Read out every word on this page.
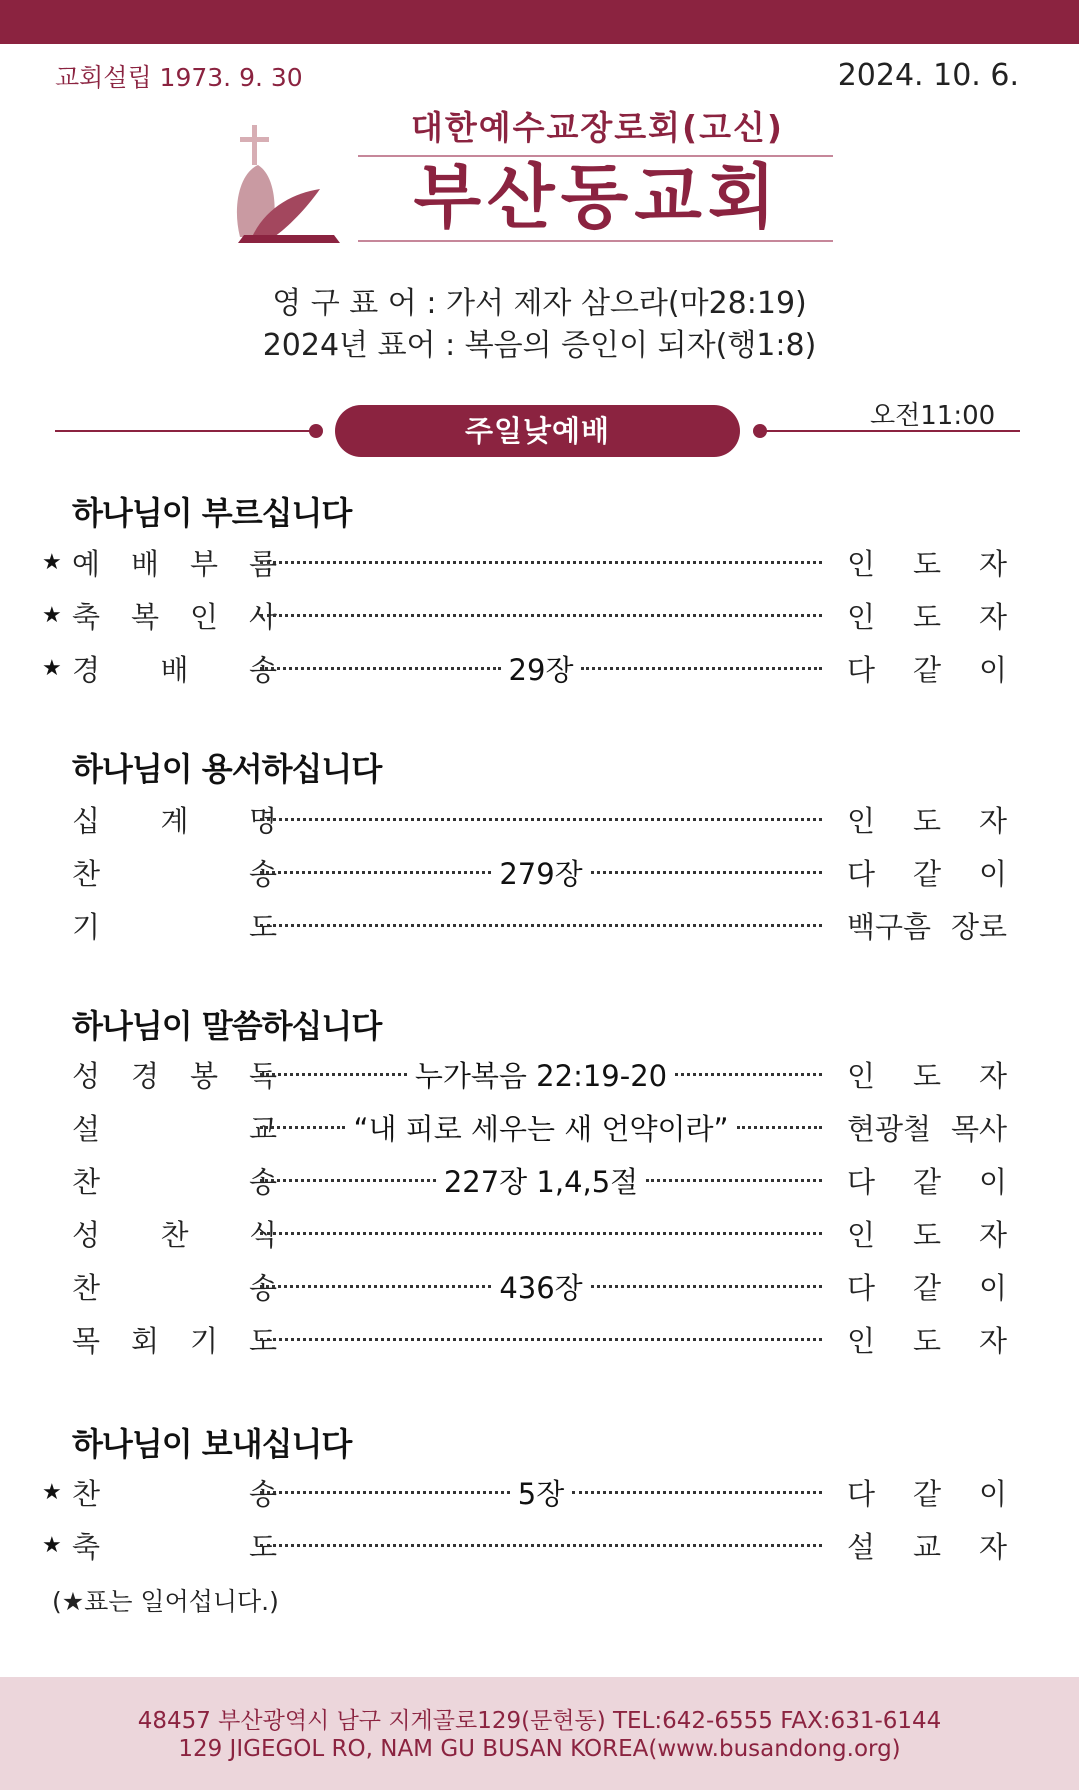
교회설립 1973. 9. 30	2024. 10. 6.
대한예수교장로회(고신)
부산동교회
영 구 표 어 : 가서 제자 삼으라(마28:19)
2024년 표어 : 복음의 증인이 되자(행1:8)
주일낮예배	오전11:00
하나님이 부르십니다
★ 예 배 부 름	인 도 자
★ 축 복 인 사	인 도 자
★ 경 배 송	29장	다 같 이
하나님이 용서하십니다
십 계 명	인 도 자
찬	송	279장	다 같 이
기	도	백구흠 장로
하나님이 말씀하십니다
성 경 봉 독	누가복음 22:19-20	인 도 자
설	교	“내 피로 세우는 새 언약이라”	현광철 목사
찬	송	227장 1,4,5절	다 같 이
성 찬 식	인 도 자
찬	송	436장	다 같 이
목 회 기 도	인 도 자
하나님이 보내십니다
★ 찬	송	5장	다 같 이
★ 축	도	설 교 자
(★표는 일어섭니다.)
48457 부산광역시 남구 지게골로129(문현동) TEL:642-6555 FAX:631-6144
129 JIGEGOL RO, NAM GU BUSAN KOREA(www.busandong.org)
